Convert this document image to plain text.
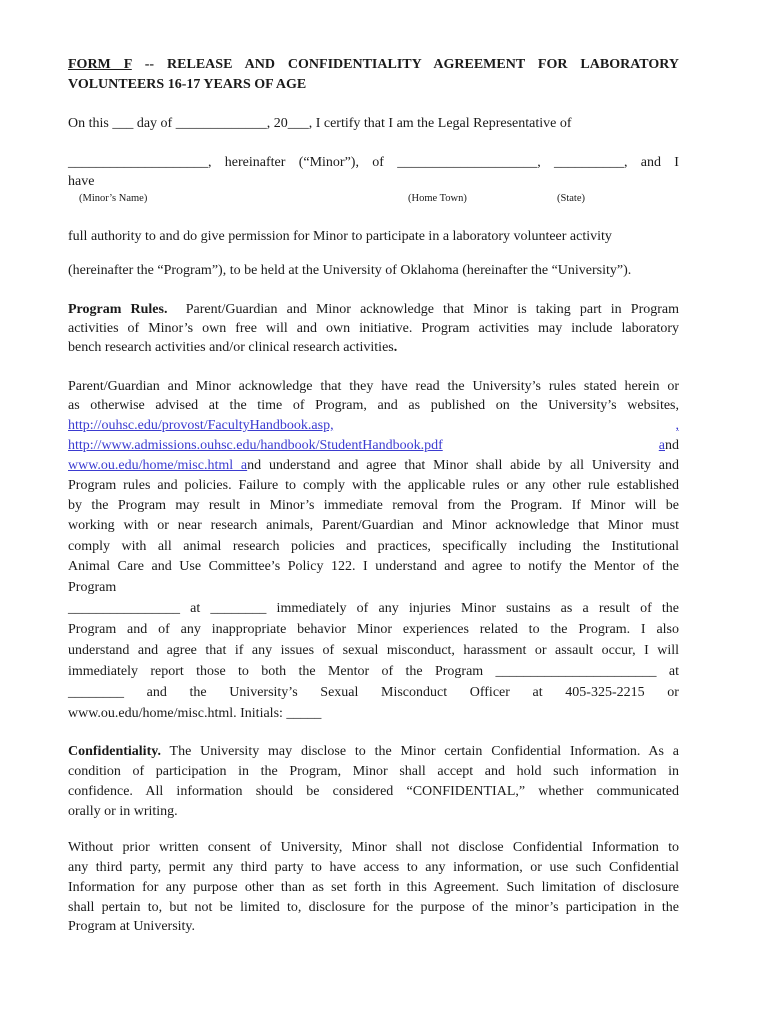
FORM F -- RELEASE AND CONFIDENTIALITY AGREEMENT FOR LABORATORY
VOLUNTEERS 16-17 YEARS OF AGE
On this ___ day of _____________, 20___, I certify that I am the Legal Representative of
____________________, hereinafter (“Minor”), of ____________________, __________, and I
have
(Minor’s Name)	(Home Town)	(State)
full authority to and do give permission for Minor to participate in a laboratory volunteer activity
(hereinafter the “Program”), to be held at the University of Oklahoma (hereinafter the “University”).
Program Rules. Parent/Guardian and Minor acknowledge that Minor is taking part in Program
activities of Minor’s own free will and own initiative. Program activities may include laboratory
bench research activities and/or clinical research activities.
Parent/Guardian and Minor acknowledge that they have read the University’s rules stated herein or
as otherwise advised at the time of Program, and as published on the University’s websites,
http://ouhsc.edu/provost/FacultyHandbook.asp,	,
http://www.admissions.ouhsc.edu/handbook/StudentHandbook.pdf	and
www.ou.edu/home/misc.html and understand and agree that Minor shall abide by all University and
Program rules and policies. Failure to comply with the applicable rules or any other rule established
by the Program may result in Minor’s immediate removal from the Program. If Minor will be
working with or near research animals, Parent/Guardian and Minor acknowledge that Minor must
comply with all animal research policies and practices, specifically including the Institutional
Animal Care and Use Committee’s Policy 122. I understand and agree to notify the Mentor of the
Program
________________ at ________ immediately of any injuries Minor sustains as a result of the
Program and of any inappropriate behavior Minor experiences related to the Program. I also
understand and agree that if any issues of sexual misconduct, harassment or assault occur, I will
immediately report those to both the Mentor of the Program _______________________ at
________ and the University’s Sexual Misconduct Officer at 405-325-2215 or
www.ou.edu/home/misc.html. Initials: _____
Confidentiality. The University may disclose to the Minor certain Confidential Information. As a
condition of participation in the Program, Minor shall accept and hold such information in
confidence. All information should be considered “CONFIDENTIAL,” whether communicated
orally or in writing.
Without prior written consent of University, Minor shall not disclose Confidential Information to
any third party, permit any third party to have access to any information, or use such Confidential
Information for any purpose other than as set forth in this Agreement. Such limitation of disclosure
shall pertain to, but not be limited to, disclosure for the purpose of the minor’s participation in the
Program at University.
